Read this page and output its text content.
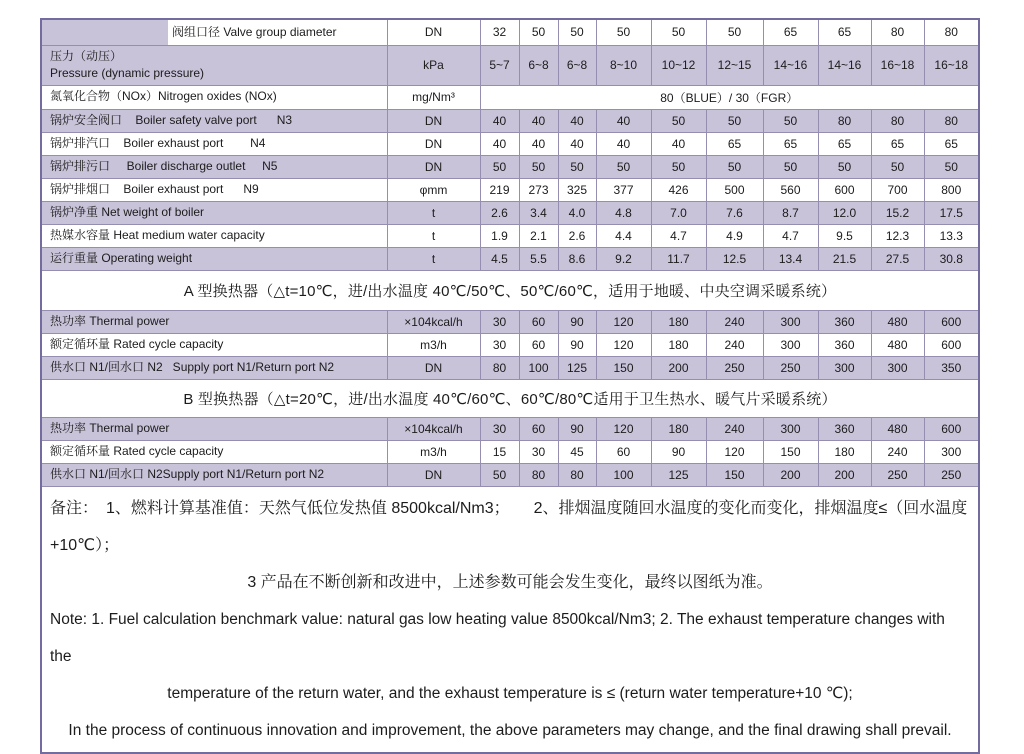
阀组口径 Valve group diameter	DN	32	50	50	50	50	50	65	65	80	80

压力（动压）
Pressure (dynamic pressure)	kPa	5~7	6~8	6~8	8~10	10~12	12~15	14~16	14~16	16~18	16~18
氮氧化合物（NOx）Nitrogen oxides (NOx)	mg/Nm³	80（BLUE）/ 30（FGR）									
锅炉安全阀口    Boiler safety valve port      N3	DN	40	40	40	40	50	50	50	80	80	80
锅炉排汽口    Boiler exhaust port        N4	DN	40	40	40	40	40	65	65	65	65	65
锅炉排污口     Boiler discharge outlet     N5	DN	50	50	50	50	50	50	50	50	50	50
锅炉排烟口    Boiler exhaust port      N9	φmm	219	273	325	377	426	500	560	600	700	800
锅炉净重 Net weight of boiler	t	2.6	3.4	4.0	4.8	7.0	7.6	8.7	12.0	15.2	17.5
热媒水容量 Heat medium water capacity	t	1.9	2.1	2.6	4.4	4.7	4.9	4.7	9.5	12.3	13.3
运行重量 Operating weight	t	4.5	5.5	8.6	9.2	11.7	12.5	13.4	21.5	27.5	30.8
A 型换热器（△t=10℃，进/出水温度 40℃/50℃、50℃/60℃，适用于地暖、中央空调采暖系统）											
热功率 Thermal power	×104kcal/h	30	60	90	120	180	240	300	360	480	600
额定循环量 Rated cycle capacity	m3/h	30	60	90	120	180	240	300	360	480	600
供水口 N1/回水口 N2   Supply port N1/Return port N2	DN	80	100	125	150	200	250	250	300	300	350
B 型换热器（△t=20℃，进/出水温度 40℃/60℃、60℃/80℃适用于卫生热水、暖气片采暖系统）											
热功率 Thermal power	×104kcal/h	30	60	90	120	180	240	300	360	480	600
额定循环量 Rated cycle capacity	m3/h	15	30	45	60	90	120	150	180	240	300
供水口 N1/回水口 N2Supply port N1/Return port N2	DN	50	80	80	100	125	150	200	200	250	250

备注：　1、燃料计算基准值：天然气低位发热值 8500kcal/Nm3；　　2、排烟温度随回水温度的变化而变化，排烟温度≤（回水温度+10℃）；
3 产品在不断创新和改进中，上述参数可能会发生变化，最终以图纸为准。
Note: 1. Fuel calculation benchmark value: natural gas low heating value 8500kcal/Nm3; 2. The exhaust temperature changes with the
temperature of the return water, and the exhaust temperature is ≤ (return water temperature+10 ℃);
In the process of continuous innovation and improvement, the above parameters may change, and the final drawing shall prevail.											
